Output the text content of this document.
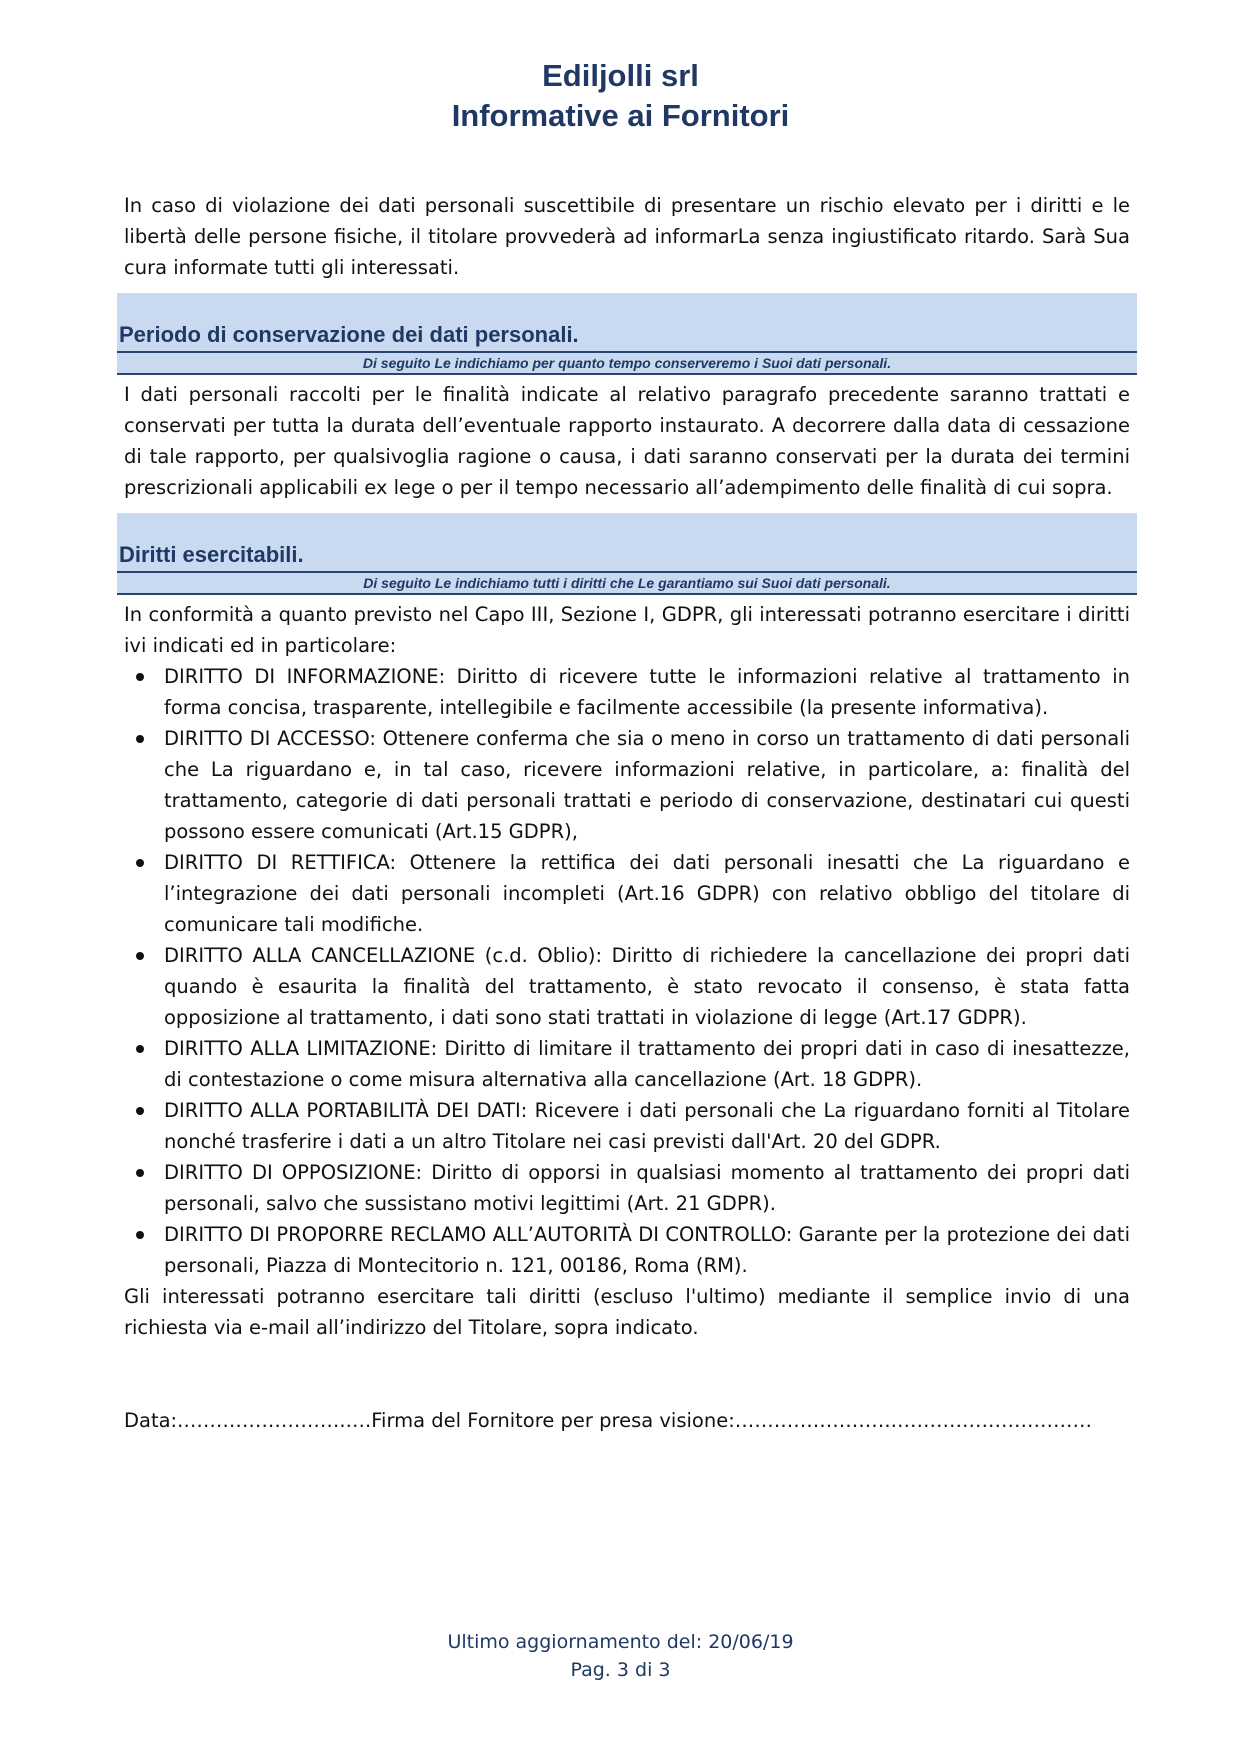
Ediljolli srl
Informative ai Fornitori

In caso di violazione dei dati personali suscettibile di presentare un rischio elevato per i diritti e le libertà delle persone fisiche, il titolare provvederà ad informarLa senza ingiustificato ritardo. Sarà Sua cura informate tutti gli interessati.

Periodo di conservazione dei dati personali.
Di seguito Le indichiamo per quanto tempo conserveremo i Suoi dati personali.

I dati personali raccolti per le finalità indicate al relativo paragrafo precedente saranno trattati e conservati per tutta la durata dell’eventuale rapporto instaurato. A decorrere dalla data di cessazione di tale rapporto, per qualsivoglia ragione o causa, i dati saranno conservati per la durata dei termini prescrizionali applicabili ex lege o per il tempo necessario all’adempimento delle finalità di cui sopra.

Diritti esercitabili.
Di seguito Le indichiamo tutti i diritti che Le garantiamo sui Suoi dati personali.

In conformità a quanto previsto nel Capo III, Sezione I, GDPR, gli interessati potranno esercitare i diritti ivi indicati ed in particolare:

DIRITTO DI INFORMAZIONE: Diritto di ricevere tutte le informazioni relative al trattamento in forma concisa, trasparente, intellegibile e facilmente accessibile (la presente informativa).
DIRITTO DI ACCESSO: Ottenere conferma che sia o meno in corso un trattamento di dati personali che La riguardano e, in tal caso, ricevere informazioni relative, in particolare, a: finalità del trattamento, categorie di dati personali trattati e periodo di conservazione, destinatari cui questi possono essere comunicati (Art.15 GDPR),
DIRITTO DI RETTIFICA: Ottenere la rettifica dei dati personali inesatti che La riguardano e l’integrazione dei dati personali incompleti (Art.16 GDPR) con relativo obbligo del titolare di comunicare tali modifiche.
DIRITTO ALLA CANCELLAZIONE (c.d. Oblio): Diritto di richiedere la cancellazione dei propri dati quando è esaurita la finalità del trattamento, è stato revocato il consenso, è stata fatta opposizione al trattamento, i dati sono stati trattati in violazione di legge (Art.17 GDPR).
DIRITTO ALLA LIMITAZIONE: Diritto di limitare il trattamento dei propri dati in caso di inesattezze, di contestazione o come misura alternativa alla cancellazione (Art. 18 GDPR).
DIRITTO ALLA PORTABILITÀ DEI DATI: Ricevere i dati personali che La riguardano forniti al Titolare nonché trasferire i dati a un altro Titolare nei casi previsti dall'Art. 20 del GDPR.
DIRITTO DI OPPOSIZIONE: Diritto di opporsi in qualsiasi momento al trattamento dei propri dati personali, salvo che sussistano motivi legittimi (Art. 21 GDPR).
DIRITTO DI PROPORRE RECLAMO ALL’AUTORITÀ DI CONTROLLO: Garante per la protezione dei dati personali, Piazza di Montecitorio n. 121, 00186, Roma (RM).

Gli interessati potranno esercitare tali diritti (escluso l'ultimo) mediante il semplice invio di una richiesta via e-mail all’indirizzo del Titolare, sopra indicato.

Data:.…………………….….Firma del Fornitore per presa visione:…………………….…………………………
Ultimo aggiornamento del: 20/06/19
Pag. 3 di 3
